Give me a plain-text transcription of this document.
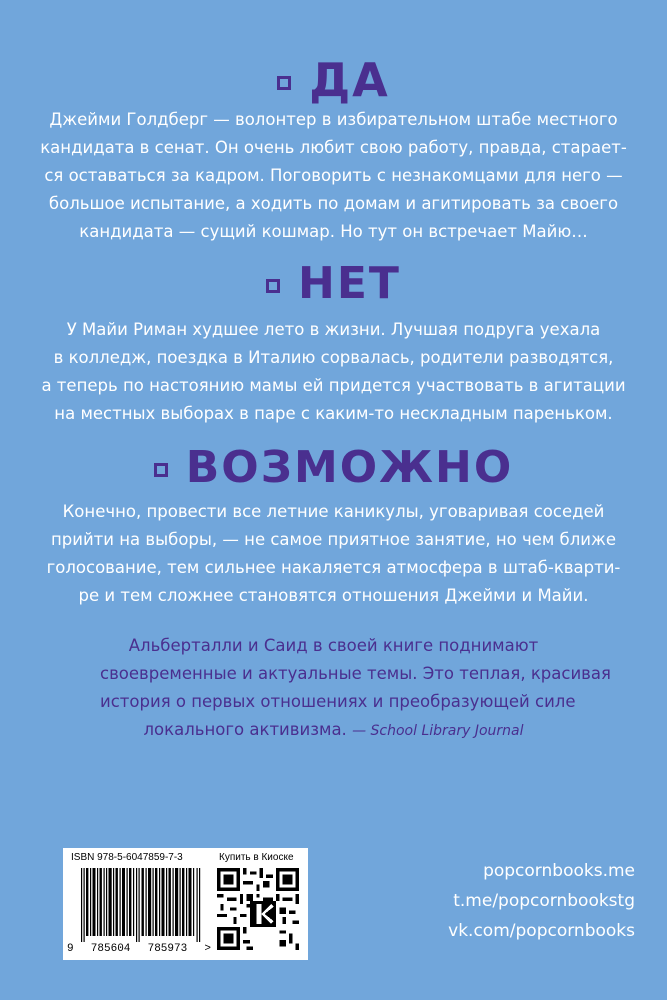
ДА
Джейми Голдберг — волонтер в избирательном штабе местного
кандидата в сенат. Он очень любит свою работу, правда, старает-
ся оставаться за кадром. Поговорить с незнакомцами для него —
большое испытание, а ходить по домам и агитировать за своего
кандидата — сущий кошмар. Но тут он встречает Майю…
НЕТ
У Майи Риман худшее лето в жизни. Лучшая подруга уехала
в колледж, поездка в Италию сорвалась, родители разводятся,
а теперь по настоянию мамы ей придется участвовать в агитации
на местных выборах в паре с каким-то нескладным пареньком.
ВОЗМОЖНО
Конечно, провести все летние каникулы, уговаривая соседей
прийти на выборы, — не самое приятное занятие, но чем ближе
голосование, тем сильнее накаляется атмосфера в штаб-кварти-
ре и тем сложнее становятся отношения Джейми и Майи.
Альберталли и Саид в своей книге поднимают
своевременные и актуальные темы. Это теплая, красивая
история о первых отношениях и преобразующей силе
локального активизма. — School Library Journal
ISBN 978-5-6047859-7-3	Купить в Киоске
9 785604 785973 >
popcornbooks.me
t.me/popcornbookstg
vk.com/popcornbooks
